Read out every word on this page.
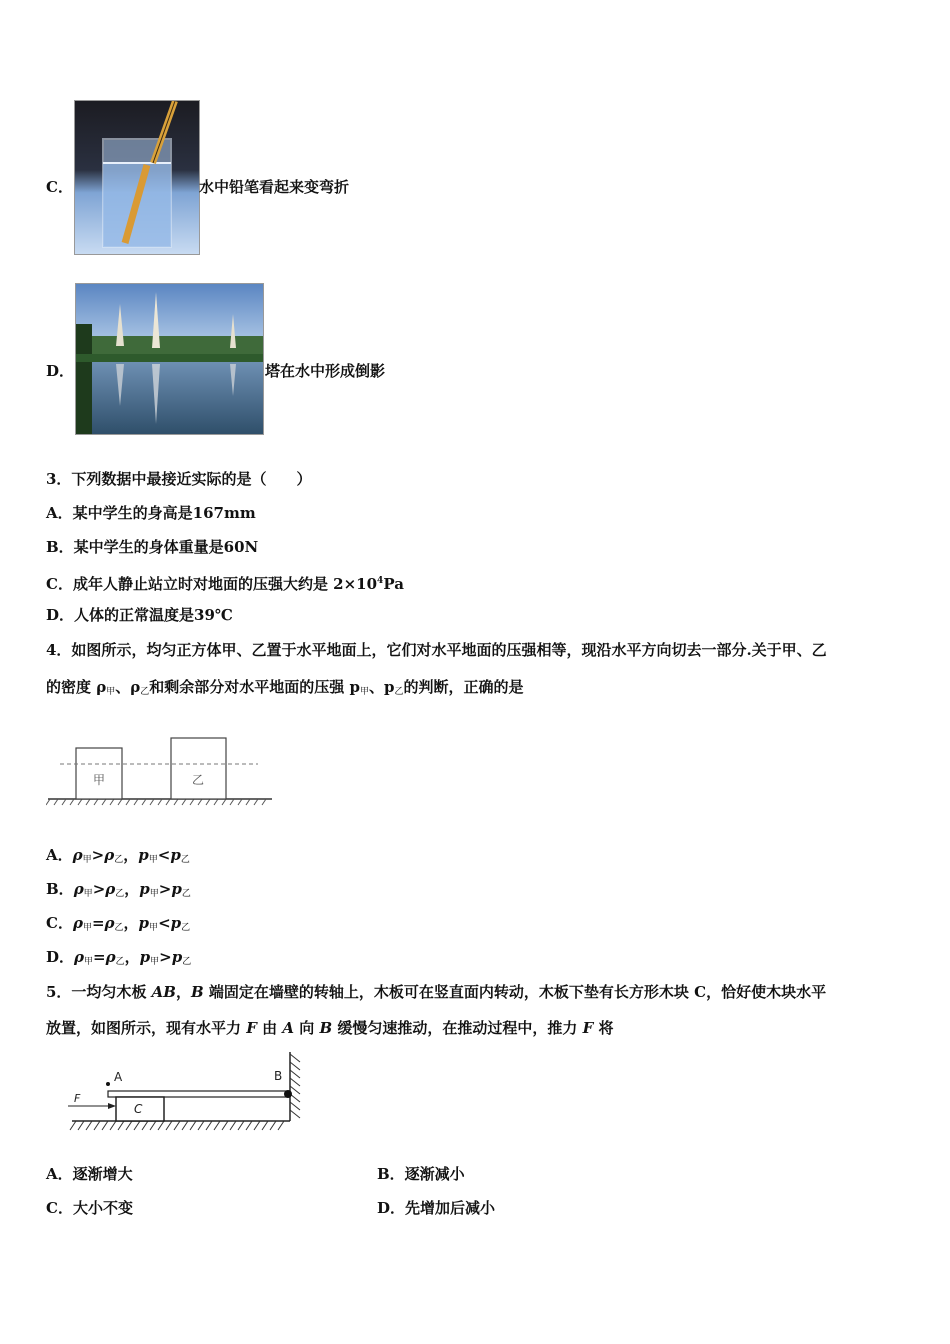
C．	水中铅笔看起来变弯折
D．	塔在水中形成倒影
3．下列数据中最接近实际的是（　　）
A．某中学生的身高是167mm
B．某中学生的身体重量是60N
C．成年人静止站立时对地面的压强大约是 $2\times 10^4Pa$
D．人体的正常温度是39℃
4．如图所示，均匀正方体甲、乙置于水平地面上，它们对水平地面的压强相等，现沿水平方向切去一部分.关于甲、乙
的密度 $\rho_甲$、$\rho_乙$和剩余部分对水平地面的压强 $p_甲$、$p_乙$的判断，正确的是
甲	乙
A．$\rho_甲>\rho_乙$，$p_甲<p_乙$
B．$\rho_甲>\rho_乙$，$p_甲>p_乙$
C．$\rho_甲=\rho_乙$，$p_甲<p_乙$
D．$\rho_甲=\rho_乙$，$p_甲>p_乙$
5．一均匀木板 AB，B 端固定在墙壁的转轴上，木板可在竖直面内转动，木板下垫有长方形木块 C，恰好使木块水平
放置，如图所示，现有水平力 F 由 A 向 B 缓慢匀速推动，在推动过程中，推力 F 将
A	B
C
F
A．逐渐增大	B．逐渐减小
C．大小不变	D．先增加后减小
